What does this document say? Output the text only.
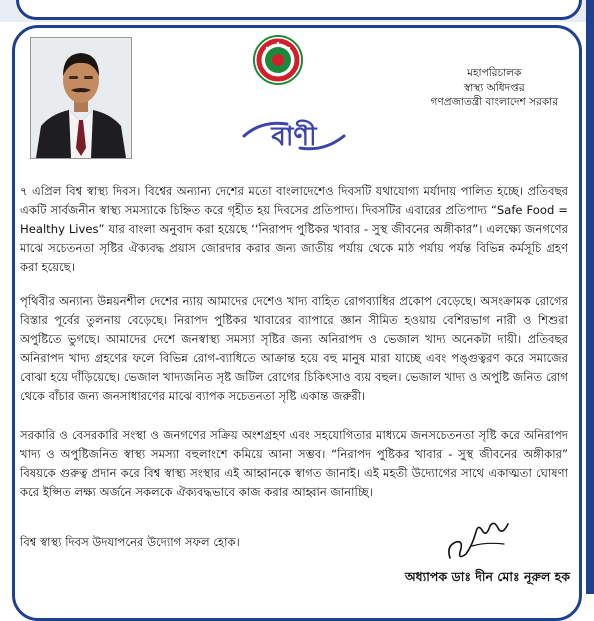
মহাপরিচালক
স্বাস্থ্য অধিদপ্তর
গণপ্রজাতন্ত্রী বাংলাদেশ সরকার
বাণী
৭ এপ্রিল বিশ্ব স্বাস্থ্য দিবস। বিশ্বের অন্যান্য দেশের মতো বাংলাদেশেও দিবসটি যথাযোগ্য মর্যাদায় পালিত হচ্ছে। প্রতিবছর একটি সার্বজনীন স্বাস্থ্য সমস্যাকে চিহ্নিত করে গৃহীত হয় দিবসের প্রতিপাদ্য। দিবসটির এবারের প্রতিপাদ্য “Safe Food = Healthy Lives” যার বাংলা অনুবাদ করা হয়েছে ‘‘নিরাপদ পুষ্টিকর খাবার - সুস্থ জীবনের অঙ্গীকার”। এলক্ষ্যে জনগণের মাঝে সচেতনতা সৃষ্টির ঐক্যবদ্ধ প্রয়াস জোরদার করার জন্য জাতীয় পর্যায় থেকে মাঠ পর্যায় পর্যন্ত বিভিন্ন কর্মসূচি গ্রহণ করা হয়েছে।
পৃথিবীর অন্যান্য উন্নয়নশীল দেশের ন্যায় আমাদের দেশেও খাদ্য বাহিত রোগব্যাধির প্রকোপ বেড়েছে। অসংক্রামক রোগের বিস্তার পূর্বের তুলনায় বেড়েছে। নিরাপদ পুষ্টিকর খাবারের ব্যাপারে জ্ঞান সীমিত হওয়ায় বেশিরভাগ নারী ও শিশুরা অপুষ্টিতে ভুগছে। আমাদের দেশে জনস্বাস্থ্য সমস্যা সৃষ্টির জন্য অনিরাপদ ও ভেজাল খাদ্য অনেকটা দায়ী। প্রতিবছর অনিরাপদ খাদ্য গ্রহণের ফলে বিভিন্ন রোগ-ব্যাধিতে আক্রান্ত হয়ে বহু মানুষ মারা যাচ্ছে এবং পঙ্গুত্বরণ করে সমাজের বোঝা হয়ে দাঁড়িয়েছে। ভেজাল খাদ্যজনিত সৃষ্ট জটিল রোগের চিকিৎসাও ব্যয় বহুল। ভেজাল খাদ্য ও অপুষ্টি জনিত রোগ থেকে বাঁচার জন্য জনসাধারণের মাঝে ব্যাপক সচেতনতা সৃষ্টি একান্ত জরুরী।
সরকারি ও বেসরকারি সংস্থা ও জনগণের সক্রিয় অংশগ্রহণ এবং সহযোগিতার মাধ্যমে জনসচেতনতা সৃষ্টি করে অনিরাপদ খাদ্য ও অপুষ্টিজনিত স্বাস্থ্য সমস্যা বহুলাংশে কমিয়ে আনা সম্ভব। “নিরাপদ পুষ্টিকর খাবার - সুস্থ জীবনের অঙ্গীকার” বিষয়কে গুরুত্ব প্রদান করে বিশ্ব স্বাস্থ্য সংস্থার এই আহ্বানকে স্বাগত জানাই। এই মহতী উদ্যোগের সাথে একাত্মতা ঘোষণা করে ইপ্সিত লক্ষ্য অর্জনে সকলকে ঐক্যবদ্ধভাবে কাজ করার আহ্বান জানাচ্ছি।
বিশ্ব স্বাস্থ্য দিবস উদযাপনের উদ্যোগ সফল হোক।
অধ্যাপক ডাঃ দীন মোঃ নূরুল হক
